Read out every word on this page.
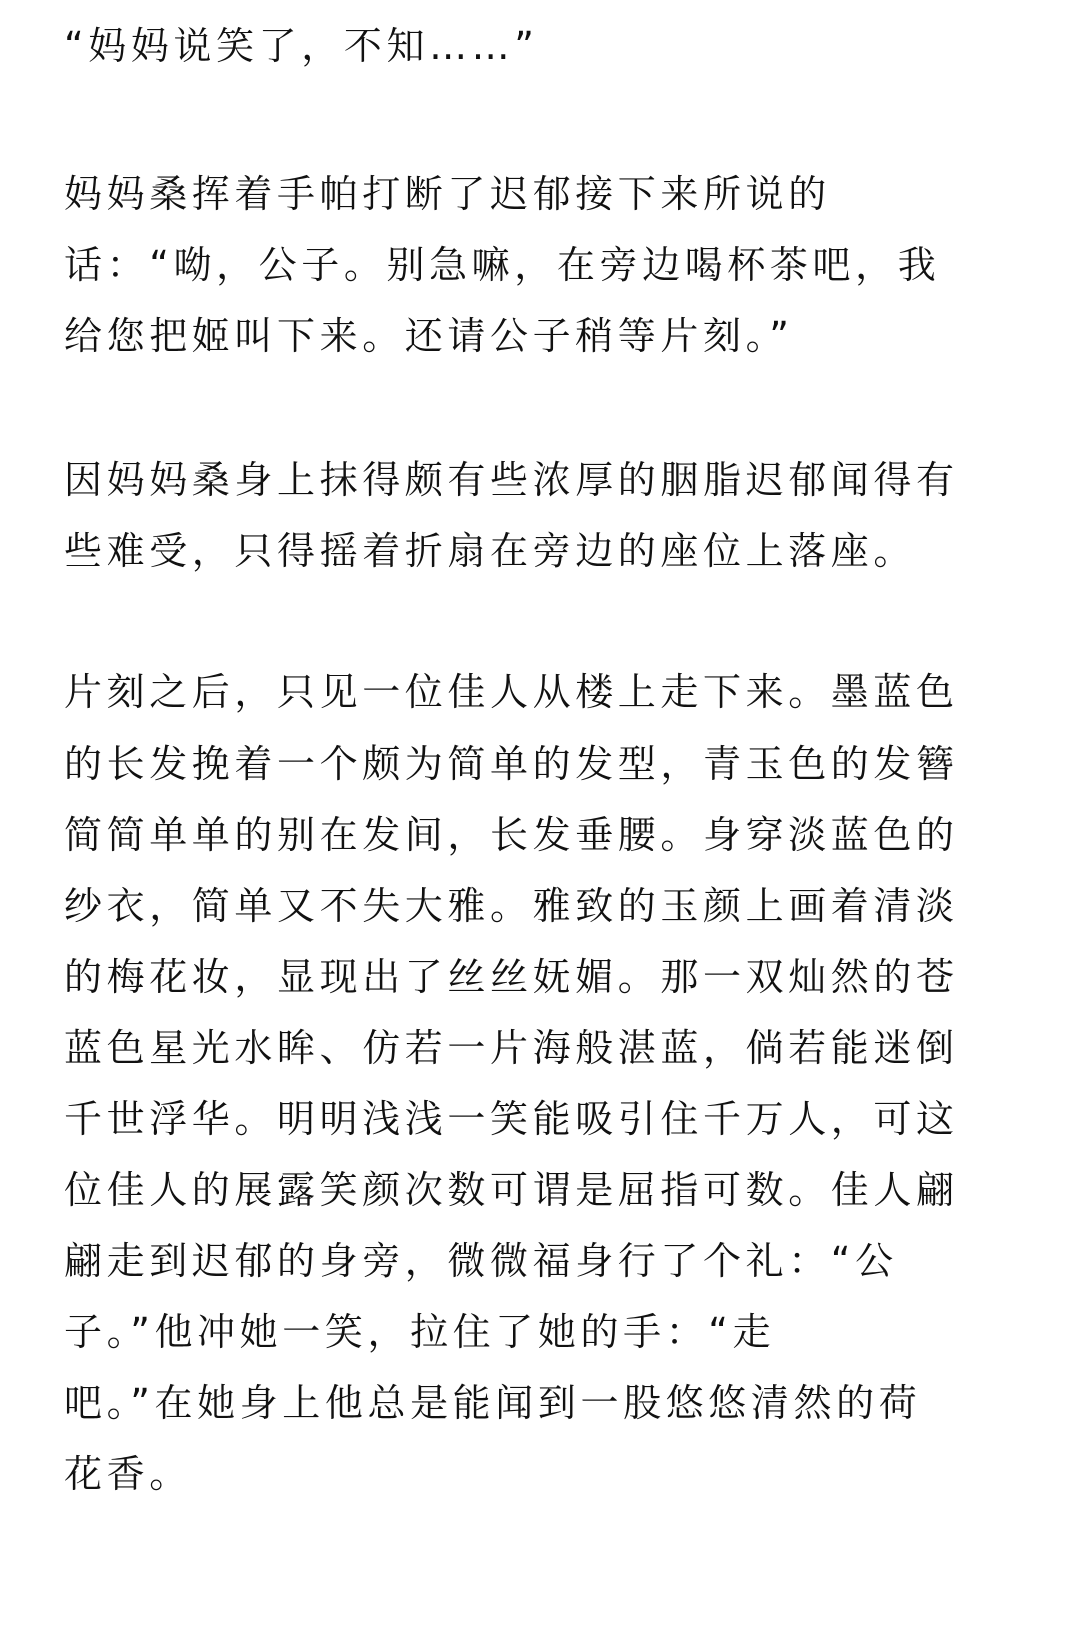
“妈妈说笑了，不知……”
妈妈桑挥着手帕打断了迟郁接下来所说的
话：“呦，公子。别急嘛，在旁边喝杯茶吧，我
给您把姬叫下来。还请公子稍等片刻。”
因妈妈桑身上抹得颇有些浓厚的胭脂迟郁闻得有
些难受，只得摇着折扇在旁边的座位上落座。
片刻之后，只见一位佳人从楼上走下来。墨蓝色
的长发挽着一个颇为简单的发型，青玉色的发簪
简简单单的别在发间，长发垂腰。身穿淡蓝色的
纱衣，简单又不失大雅。雅致的玉颜上画着清淡
的梅花妆，显现出了丝丝妩媚。那一双灿然的苍
蓝色星光水眸、仿若一片海般湛蓝，倘若能迷倒
千世浮华。明明浅浅一笑能吸引住千万人，可这
位佳人的展露笑颜次数可谓是屈指可数。佳人翩
翩走到迟郁的身旁，微微福身行了个礼：“公
子。”他冲她一笑，拉住了她的手：“走
吧。”在她身上他总是能闻到一股悠悠清然的荷
花香。
